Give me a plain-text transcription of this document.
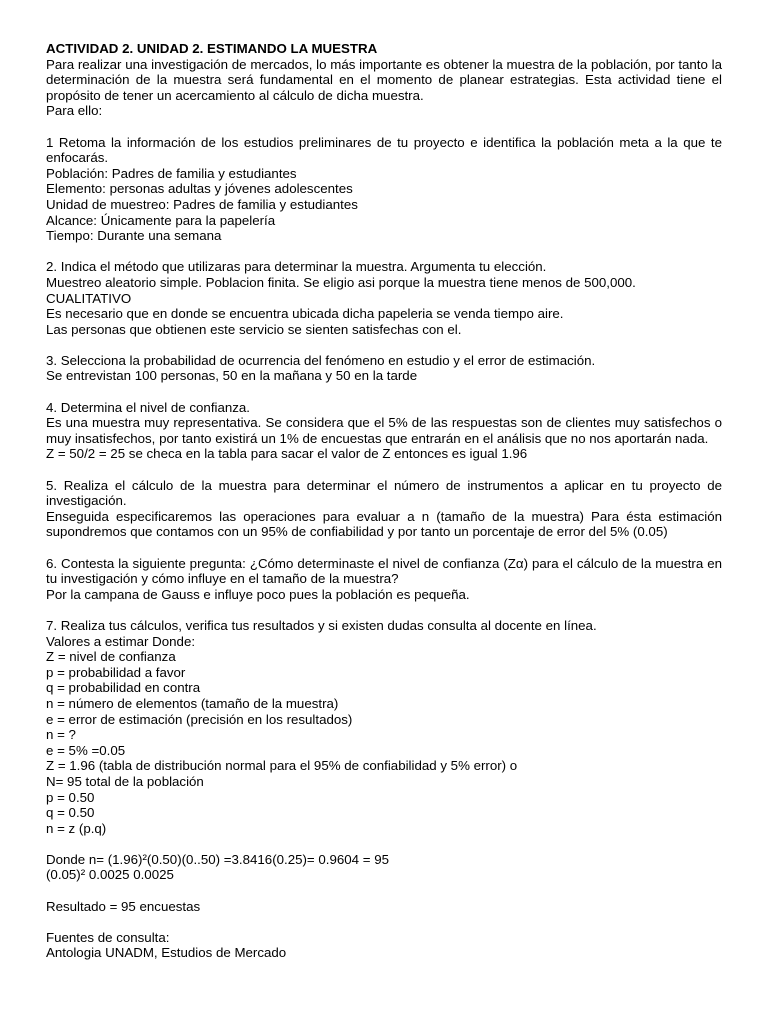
ACTIVIDAD 2. UNIDAD 2. ESTIMANDO LA MUESTRA
Para realizar una investigación de mercados, lo más importante es obtener la muestra de la población, por tanto la determinación de la muestra será fundamental en el momento de planear estrategias. Esta actividad tiene el propósito de tener un acercamiento al cálculo de dicha muestra.
Para ello:
1 Retoma la información de los estudios preliminares de tu proyecto e identifica la población meta a la que te enfocarás.
Población: Padres de familia y estudiantes
Elemento: personas adultas y jóvenes adolescentes
Unidad de muestreo: Padres de familia y estudiantes
Alcance: Únicamente para la papelería
Tiempo: Durante una semana
2. Indica el método que utilizaras para determinar la muestra. Argumenta tu elección.
Muestreo aleatorio simple. Poblacion finita. Se eligio asi porque la muestra tiene menos de 500,000.
CUALITATIVO
Es necesario que en donde se encuentra ubicada dicha papeleria se venda tiempo aire.
Las personas que obtienen este servicio se sienten satisfechas con el.
3. Selecciona la probabilidad de ocurrencia del fenómeno en estudio y el error de estimación.
Se entrevistan 100 personas, 50 en la mañana y 50 en la tarde
4. Determina el nivel de confianza.
Es una muestra muy representativa. Se considera que el 5% de las respuestas son de clientes muy satisfechos o muy insatisfechos, por tanto existirá un 1% de encuestas que entrarán en el análisis que no nos aportarán nada.
Z = 50/2 = 25 se checa en la tabla para sacar el valor de Z entonces es igual 1.96
5. Realiza el cálculo de la muestra para determinar el número de instrumentos a aplicar en tu proyecto de investigación.
Enseguida especificaremos las operaciones para evaluar a n (tamaño de la muestra) Para ésta estimación supondremos que contamos con un 95% de confiabilidad y por tanto un porcentaje de error del 5% (0.05)
6. Contesta la siguiente pregunta: ¿Cómo determinaste el nivel de confianza (Zα) para el cálculo de la muestra en tu investigación y cómo influye en el tamaño de la muestra?
Por la campana de Gauss e influye poco pues la población es pequeña.
7. Realiza tus cálculos, verifica tus resultados y si existen dudas consulta al docente en línea.
Valores a estimar Donde:
Z = nivel de confianza
p = probabilidad a favor
q = probabilidad en contra
n = número de elementos (tamaño de la muestra)
e = error de estimación (precisión en los resultados)
n = ?
e = 5% =0.05
Z = 1.96 (tabla de distribución normal para el 95% de confiabilidad y 5% error) o
N= 95 total de la población
p = 0.50
q = 0.50
n = z (p.q)
Donde n= (1.96)²(0.50)(0..50) =3.8416(0.25)= 0.9604 = 95
(0.05)² 0.0025 0.0025
Resultado = 95 encuestas
Fuentes de consulta:
Antologia UNADM, Estudios de Mercado
